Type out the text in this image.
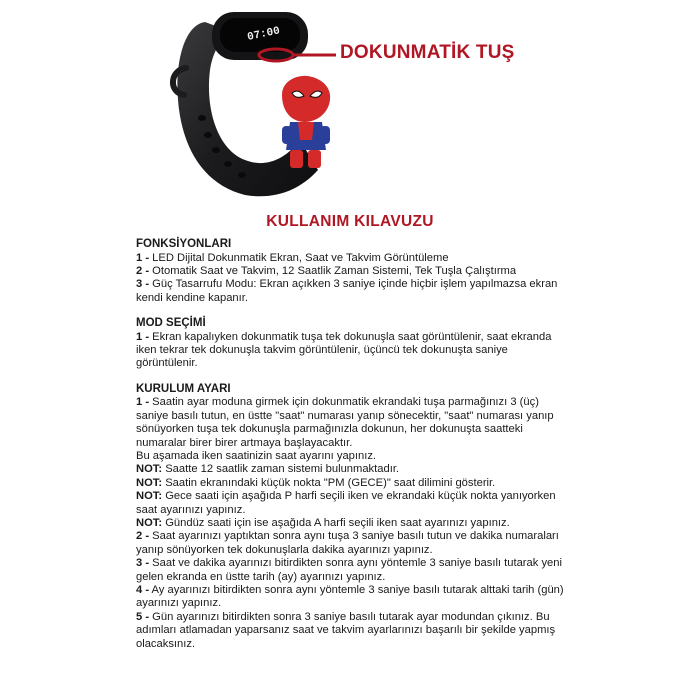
07:00
DOKUNMATİK TUŞ
KULLANIM KILAVUZU
FONKSİYONLARI
1 - LED Dijital Dokunmatik Ekran, Saat ve Takvim Görüntüleme
2 - Otomatik Saat ve Takvim, 12 Saatlik Zaman Sistemi, Tek Tuşla Çalıştırma
3 - Güç Tasarrufu Modu: Ekran açıkken 3 saniye içinde hiçbir işlem yapılmazsa ekran kendi kendine kapanır.
MOD SEÇİMİ
1 - Ekran kapalıyken dokunmatik tuşa tek dokunuşla saat görüntülenir, saat ekranda iken tekrar tek dokunuşla takvim görüntülenir, üçüncü tek dokunuşta saniye görüntülenir.
KURULUM AYARI
1 - Saatin ayar moduna girmek için dokunmatik ekrandaki tuşa parmağınızı 3 (üç) saniye basılı tutun, en üstte "saat" numarası yanıp sönecektir, "saat" numarası yanıp sönüyorken tuşa tek dokunuşla parmağınızla dokunun, her dokunuşta saatteki numaralar birer birer artmaya başlayacaktır.
Bu aşamada iken saatinizin saat ayarını yapınız.
NOT: Saatte 12 saatlik zaman sistemi bulunmaktadır.
NOT: Saatin ekranındaki küçük nokta "PM (GECE)" saat dilimini gösterir.
NOT: Gece saati için aşağıda P harfi seçili iken ve ekrandaki küçük nokta yanıyorken saat ayarınızı yapınız.
NOT: Gündüz saati için ise aşağıda A harfi seçili iken saat ayarınızı yapınız.
2 - Saat ayarınızı yaptıktan sonra aynı tuşa 3 saniye basılı tutun ve dakika numaraları yanıp sönüyorken tek dokunuşlarla dakika ayarınızı yapınız.
3 - Saat ve dakika ayarınızı bitirdikten sonra aynı yöntemle 3 saniye basılı tutarak yeni gelen ekranda en üstte tarih (ay) ayarınızı yapınız.
4 - Ay ayarınızı bitirdikten sonra aynı yöntemle 3 saniye basılı tutarak alttaki tarih (gün) ayarınızı yapınız.
5 - Gün ayarınızı bitirdikten sonra 3 saniye basılı tutarak ayar modundan çıkınız. Bu adımları atlamadan yaparsanız saat ve takvim ayarlarınızı başarılı bir şekilde yapmış olacaksınız.
